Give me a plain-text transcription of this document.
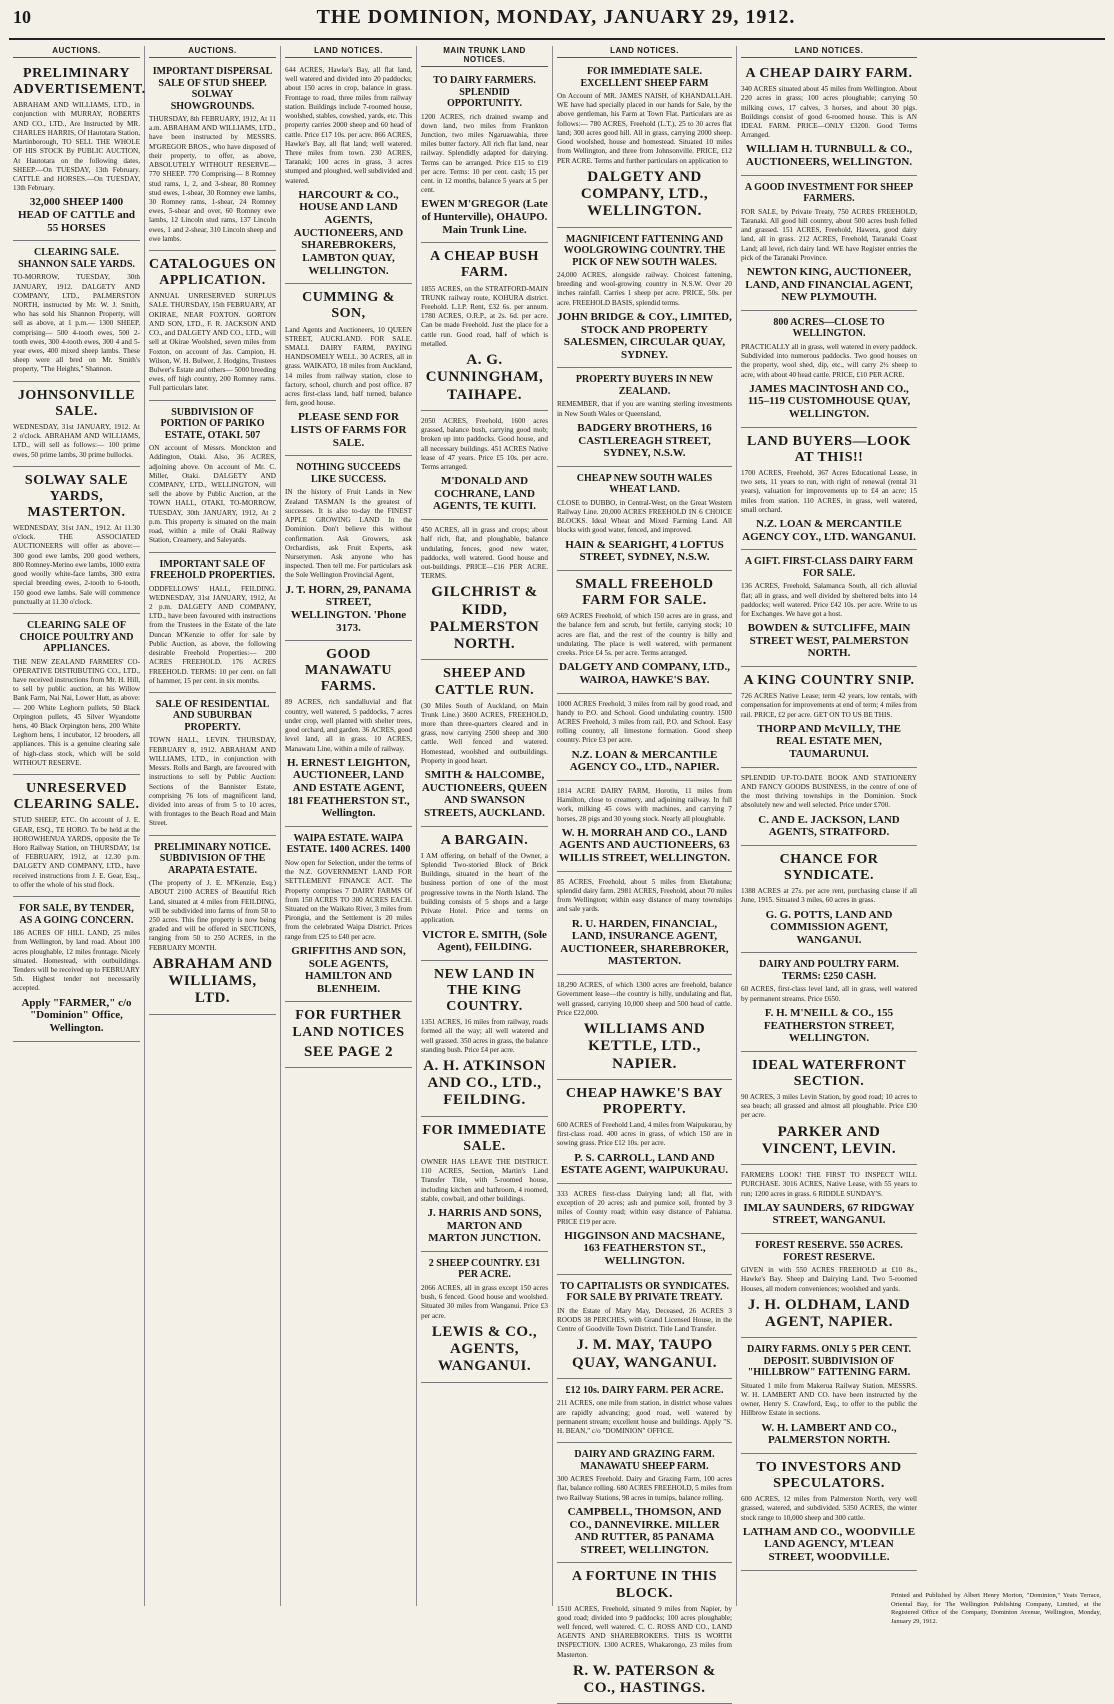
10	THE DOMINION, MONDAY, JANUARY 29, 1912.
AUCTIONS.
PRELIMINARY ADVERTISEMENT.
ABRAHAM AND WILLIAMS, LTD., in conjunction with MURRAY, ROBERTS AND CO., LTD., Are Instructed by MR. CHARLES HARRIS, Of Hautotara Station, Martinborough, TO SELL THE WHOLE OF HIS STOCK By PUBLIC AUCTION, At Hautotara on the following dates, SHEEP.—On TUESDAY, 13th February. CATTLE and HORSES.—On TUESDAY, 13th February.
32,000 SHEEP 1400 HEAD OF CATTLE and 55 HORSES
CLEARING SALE. SHANNON SALE YARDS.
TO-MORROW, TUESDAY, 30th JANUARY, 1912. DALGETY AND COMPANY, LTD., PALMERSTON NORTH, instructed by Mr. W. J. Smith, who has sold his Shannon Property, will sell as above, at 1 p.m.— 1300 SHEEP, comprising— 500 4-tooth ewes, 500 2-tooth ewes, 300 4-tooth ewes, 300 4 and 5-year ewes, 400 mixed sheep lambs. These sheep were all bred on Mr. Smith's property, "The Heights," Shannon.
JOHNSONVILLE SALE.
WEDNESDAY, 31st JANUARY, 1912. At 2 o'clock. ABRAHAM AND WILLIAMS, LTD., will sell as follows:— 100 prime ewes, 50 prime lambs, 30 prime bullocks.
SOLWAY SALE YARDS, MASTERTON.
WEDNESDAY, 31st JAN., 1912. At 11.30 o'clock. THE ASSOCIATED AUCTIONEERS will offer as above:— 300 good ewe lambs, 200 good wethers, 800 Romney-Merino ewe lambs, 1000 extra good woolly white-face lambs, 300 extra special breeding ewes, 2-tooth to 6-tooth, 150 good ewe lambs. Sale will commence punctually at 11.30 o'clock.
CLEARING SALE OF CHOICE POULTRY AND APPLIANCES.
THE NEW ZEALAND FARMERS' CO-OPERATIVE DISTRIBUTING CO., LTD., have received instructions from Mr. H. Hill, to sell by public auction, at his Willow Bank Farm, Nai Nai, Lower Hutt, as above:— 200 White Leghorn pullets, 50 Black Orpington pullets, 45 Silver Wyandotte hens, 40 Black Orpington hens, 200 White Leghorn hens, 1 incubator, 12 brooders, all appliances. This is a genuine clearing sale of high-class stock, which will be sold WITHOUT RESERVE.
UNRESERVED CLEARING SALE.
STUD SHEEP, ETC. On account of J. E. GEAR, ESQ., TE HORO. To be held at the HOROWHENUA YARDS, opposite the Te Horo Railway Station, on THURSDAY, 1st of FEBRUARY, 1912, at 12.30 p.m. DALGETY AND COMPANY, LTD., have received instructions from J. E. Gear, Esq., to offer the whole of his stud flock.
FOR SALE, BY TENDER, AS A GOING CONCERN.
186 ACRES OF HILL LAND, 25 miles from Wellington, by land road. About 100 acres ploughable, 12 miles frontage. Nicely situated. Homestead, with outbuildings. Tenders will be received up to FEBRUARY 5th. Highest tender not necessarily accepted.
Apply "FARMER," c/o "Dominion" Office, Wellington.
AUCTIONS.
IMPORTANT DISPERSAL SALE OF STUD SHEEP. SOLWAY SHOWGROUNDS.
THURSDAY, 8th FEBRUARY, 1912, At 11 a.m. ABRAHAM AND WILLIAMS, LTD., have been instructed by MESSRS. M'GREGOR BROS., who have disposed of their property, to offer, as above, ABSOLUTELY WITHOUT RESERVE— 770 SHEEP. 770 Comprising— 8 Romney stud rams, 1, 2, and 3-shear, 80 Romney stud ewes, 1-shear, 30 Romney ewe lambs, 30 Romney rams, 1-shear, 24 Romney ewes, 5-shear and over, 60 Romney ewe lambs, 12 Lincoln stud rams, 137 Lincoln ewes, 1 and 2-shear, 310 Lincoln sheep and ewe lambs.
CATALOGUES ON APPLICATION.
ANNUAL UNRESERVED SURPLUS SALE. THURSDAY, 15th FEBRUARY, AT OKIRAE, NEAR FOXTON. GORTON AND SON, LTD., F. R. JACKSON AND CO., and DALGETY AND CO., LTD., will sell at Okirae Woolshed, seven miles from Foxton, on account of Jas. Campion, H. Wilson, W. H. Bulwer, J. Hodgins, Trustees Bulwer's Estate and others— 5000 breeding ewes, off high country, 200 Romney rams. Full particulars later.
SUBDIVISION OF PORTION OF PARIKO ESTATE, OTAKI. 507
ON account of Messrs. Monckton and Addington, Otaki. Also, 36 ACRES, adjoining above. On account of Mr. C. Miller, Otaki. DALGETY AND COMPANY, LTD., WELLINGTON, will sell the above by Public Auction, at the TOWN HALL, OTAKI, TO-MORROW, TUESDAY, 30th JANUARY, 1912, At 2 p.m. This property is situated on the main road, within a mile of Otaki Railway Station, Creamery, and Saleyards.
IMPORTANT SALE OF FREEHOLD PROPERTIES.
ODDFELLOWS' HALL, FEILDING. WEDNESDAY, 31st JANUARY, 1912, At 2 p.m. DALGETY AND COMPANY, LTD., have been favoured with instructions from the Trustees in the Estate of the late Duncan M'Kenzie to offer for sale by Public Auction, as above, the following desirable Freehold Properties:— 200 ACRES FREEHOLD. 176 ACRES FREEHOLD. TERMS: 10 per cent. on fall of hammer, 15 per cent. in six months.
SALE OF RESIDENTIAL AND SUBURBAN PROPERTY.
TOWN HALL, LEVIN. THURSDAY, FEBRUARY 8, 1912. ABRAHAM AND WILLIAMS, LTD., in conjunction with Messrs. Rolls and Bargh, are favoured with instructions to sell by Public Auction: Sections of the Bannister Estate, comprising 76 lots of magnificent land, divided into areas of from 5 to 10 acres, with frontages to the Beach Road and Main Street.
PRELIMINARY NOTICE. SUBDIVISION OF THE ARAPATA ESTATE.
(The property of J. E. M'Kenzie, Esq.) ABOUT 2100 ACRES of Beautiful Rich Land, situated at 4 miles from FEILDING, will be subdivided into farms of from 50 to 250 acres. This fine property is now being graded and will be offered in SECTIONS, ranging from 50 to 250 ACRES, in the FEBRUARY MONTH.
ABRAHAM AND WILLIAMS, LTD.
LAND NOTICES.
644 ACRES, Hawke's Bay, all flat land, well watered and divided into 20 paddocks; about 150 acres in crop, balance in grass. Frontage to road, three miles from railway station. Buildings include 7-roomed house, woolshed, stables, cowshed, yards, etc. This property carries 2000 sheep and 60 head of cattle. Price £17 10s. per acre. 866 ACRES, Hawke's Bay, all flat land; well watered. Three miles from town. 230 ACRES, Taranaki; 100 acres in grass, 3 acres stumped and ploughed, well subdivided and watered.
HARCOURT & CO., HOUSE AND LAND AGENTS, AUCTIONEERS, AND SHAREBROKERS, LAMBTON QUAY, WELLINGTON.
CUMMING & SON,
Land Agents and Auctioneers, 10 QUEEN STREET, AUCKLAND. FOR SALE. SMALL DAIRY FARM, PAYING HANDSOMELY WELL. 30 ACRES, all in grass. WAIKATO, 18 miles from Auckland, 14 miles from railway station, close to factory, school, church and post office. 87 acres first-class land, half turned, balance fern, good house.
PLEASE SEND FOR LISTS OF FARMS FOR SALE.
NOTHING SUCCEEDS LIKE SUCCESS.
IN the history of Fruit Lands in New Zealand TASMAN Is the greatest of successes. It is also to-day the FINEST APPLE GROWING LAND In the Dominion. Don't believe this without confirmation. Ask Growers, ask Orchardists, ask Fruit Experts, ask Nurserymen. Ask anyone who has inspected. Then tell me. For particulars ask the Sole Wellington Provincial Agent,
J. T. HORN, 29, PANAMA STREET, WELLINGTON. 'Phone 3173.
GOOD MANAWATU FARMS.
89 ACRES, rich sandalluvial and flat country, well watered, 5 paddocks, 7 acres under crop, well planted with shelter trees, good orchard, and garden. 36 ACRES, good level land, all in grass. 10 ACRES, Manawatu Line, within a mile of railway.
H. ERNEST LEIGHTON, AUCTIONEER, LAND AND ESTATE AGENT, 181 FEATHERSTON ST., Wellington.
WAIPA ESTATE. WAIPA ESTATE. 1400 ACRES. 1400
Now open for Selection, under the terms of the N.Z. GOVERNMENT LAND FOR SETTLEMENT FINANCE ACT. The Property comprises 7 DAIRY FARMS Of from 150 ACRES TO 300 ACRES EACH. Situated on the Waikato River, 3 miles from Pirongia, and the Settlement is 20 miles from the celebrated Waipa District. Prices range from £25 to £40 per acre.
GRIFFITHS AND SON, SOLE AGENTS, HAMILTON AND BLENHEIM.
FOR FURTHER LAND NOTICES
SEE PAGE 2
MAIN TRUNK LAND NOTICES.
TO DAIRY FARMERS. SPLENDID OPPORTUNITY.
1200 ACRES, rich drained swamp and down land, two miles from Frankton Junction, two miles Ngaruawahia, three miles butter factory. All rich flat land, near railway. Splendidly adapted for dairying. Terms can be arranged. Price £15 to £19 per acre. Terms: 10 per cent. cash; 15 per cent. in 12 months, balance 5 years at 5 per cent.
EWEN M'GREGOR (Late of Hunterville), OHAUPO. Main Trunk Line.
A CHEAP BUSH FARM.
1855 ACRES, on the STRATFORD-MAIN TRUNK railway route, KOHURA district. Freehold. L.I.P. Rent, £32 6s. per annum. 1780 ACRES, O.R.P., at 2s. 6d. per acre. Can be made Freehold. Just the place for a cattle run. Good road, half of which is metalled.
A. G. CUNNINGHAM, TAIHAPE.
2050 ACRES, Freehold, 1600 acres grassed, balance bush, carrying good mob; broken up into paddocks. Good house, and all necessary buildings. 451 ACRES Native lease of 47 years. Price £5 10s. per acre. Terms arranged.
M'DONALD AND COCHRANE, LAND AGENTS, TE KUITI.
450 ACRES, all in grass and crops; about half rich, flat, and ploughable, balance undulating, fences, good new water, paddocks, well watered. Good house and out-buildings. PRICE—£16 PER ACRE. TERMS.
GILCHRIST & KIDD, PALMERSTON NORTH.
SHEEP AND CATTLE RUN.
(30 Miles South of Auckland, on Main Trunk Line.) 3600 ACRES, FREEHOLD, more than three-quarters cleared and in grass, now carrying 2500 sheep and 300 cattle. Well fenced and watered. Homestead, woolshed and outbuildings. Property in good heart.
SMITH & HALCOMBE, AUCTIONEERS, QUEEN AND SWANSON STREETS, AUCKLAND.
A BARGAIN.
I AM offering, on behalf of the Owner, a Splendid Two-storied Block of Brick Buildings, situated in the heart of the business portion of one of the most progressive towns in the North Island. The building consists of 5 shops and a large Private Hotel. Price and terms on application.
VICTOR E. SMITH, (Sole Agent), FEILDING.
NEW LAND IN THE KING COUNTRY.
1351 ACRES, 16 miles from railway, roads formed all the way; all well watered and well grassed. 350 acres in grass, the balance standing bush. Price £4 per acre.
A. H. ATKINSON AND CO., LTD., FEILDING.
FOR IMMEDIATE SALE.
OWNER HAS LEAVE THE DISTRICT. 110 ACRES, Section, Martin's Land Transfer Title, with 5-roomed house, including kitchen and bathroom, 4 roomed, stable, cowbail, and other buildings.
J. HARRIS AND SONS, MARTON AND MARTON JUNCTION.
2 SHEEP COUNTRY. £31 PER ACRE.
2066 ACRES, all in grass except 150 acres bush, 6 fenced. Good house and woolshed. Situated 30 miles from Wanganui. Price £3 per acre.
LEWIS & CO., AGENTS, WANGANUI.
LAND NOTICES.
FOR IMMEDIATE SALE. EXCELLENT SHEEP FARM
On Account of MR. JAMES NAISH, of KHANDALLAH. WE have had specially placed in our hands for Sale, by the above gentleman, his Farm at Town Flat. Particulars are as follows:— 780 ACRES, Freehold (L.T.), 25 to 30 acres flat land; 300 acres good hill. All in grass, carrying 2000 sheep. Good woolshed, house and homestead. Situated 10 miles from Wellington, and three from Johnsonville. PRICE, £12 PER ACRE. Terms and further particulars on application to
DALGETY AND COMPANY, LTD., WELLINGTON.
MAGNIFICENT FATTENING AND WOOLGROWING COUNTRY. THE PICK OF NEW SOUTH WALES.
24,000 ACRES, alongside railway. Choicest fattening, breeding and wool-growing country in N.S.W. Over 20 inches rainfall. Carries 1 sheep per acre. PRICE, 50s. per acre. FREEHOLD BASIS, splendid terms.
JOHN BRIDGE & COY., LIMITED, STOCK AND PROPERTY SALESMEN, CIRCULAR QUAY, SYDNEY.
PROPERTY BUYERS IN NEW ZEALAND.
REMEMBER, that if you are wanting sterling investments in New South Wales or Queensland,
BADGERY BROTHERS, 16 CASTLEREAGH STREET, SYDNEY, N.S.W.
CHEAP NEW SOUTH WALES WHEAT LAND.
CLOSE to DUBBO, in Central-West, on the Great Western Railway Line. 20,000 ACRES FREEHOLD IN 6 CHOICE BLOCKS. Ideal Wheat and Mixed Farming Land. All blocks with good water, fenced, and improved.
HAIN & SEARIGHT, 4 LOFTUS STREET, SYDNEY, N.S.W.
SMALL FREEHOLD FARM FOR SALE.
669 ACRES Freehold, of which 150 acres are in grass, and the balance fern and scrub, but fertile, carrying stock; 10 acres are flat, and the rest of the country is hilly and undulating. The place is well watered, with permanent creeks. Price £4 5s. per acre. Terms arranged.
DALGETY AND COMPANY, LTD., WAIROA, HAWKE'S BAY.
1000 ACRES Freehold, 3 miles from rail by good road, and handy to P.O. and School. Good undulating country. 1500 ACRES Freehold, 3 miles from rail, P.O. and School. Easy rolling country, all limestone formation. Good sheep country. Price £3 per acre.
N.Z. LOAN & MERCANTILE AGENCY CO., LTD., NAPIER.
1814 ACRE DAIRY FARM, Horotiu, 11 miles from Hamilton, close to creamery, and adjoining railway. In full work, milking 45 cows with machines, and carrying 7 horses, 28 pigs and 30 young stock. Nearly all ploughable.
W. H. MORRAH AND CO., LAND AGENTS AND AUCTIONEERS, 63 WILLIS STREET, WELLINGTON.
85 ACRES, Freehold, about 5 miles from Eketahuna; splendid dairy farm. 2981 ACRES, Freehold, about 70 miles from Wellington; within easy distance of many townships and sale yards.
R. U. HARDEN, FINANCIAL, LAND, INSURANCE AGENT, AUCTIONEER, SHAREBROKER, MASTERTON.
18,290 ACRES, of which 1300 acres are freehold, balance Government lease—the country is hilly, undulating and flat, well grassed, carrying 10,000 sheep and 500 head of cattle. Price £22,000.
WILLIAMS AND KETTLE, LTD., NAPIER.
CHEAP HAWKE'S BAY PROPERTY.
600 ACRES of Freehold Land, 4 miles from Waipukurau, by first-class road. 400 acres in grass, of which 150 are in sowing grass. Price £12 10s. per acre.
P. S. CARROLL, LAND AND ESTATE AGENT, WAIPUKURAU.
333 ACRES first-class Dairying land; all flat, with exception of 20 acres; ash and pumice soil, fronted by 3 miles of County road; within easy distance of Pahiatua. PRICE £19 per acre.
HIGGINSON AND MACSHANE, 163 FEATHERSTON ST., WELLINGTON.
TO CAPITALISTS OR SYNDICATES. FOR SALE BY PRIVATE TREATY.
IN the Estate of Mary May, Deceased, 26 ACRES 3 ROODS 38 PERCHES, with Grand Licensed House, in the Centre of Goodville Town District. Title Land Transfer.
J. M. MAY, TAUPO QUAY, WANGANUI.
£12 10s. DAIRY FARM. PER ACRE.
211 ACRES, one mile from station, in district whose values are rapidly advancing; good road, well watered by permanent stream; excellent house and buildings. Apply "S. H. BEAN," c/o "DOMINION" OFFICE.
DAIRY AND GRAZING FARM. MANAWATU SHEEP FARM.
300 ACRES Freehold. Dairy and Grazing Farm, 100 acres flat, balance rolling. 680 ACRES FREEHOLD, 5 miles from two Railway Stations, 98 acres in turnips, balance rolling.
CAMPBELL, THOMSON, AND CO., DANNEVIRKE. MILLER AND RUTTER, 85 PANAMA STREET, WELLINGTON.
A FORTUNE IN THIS BLOCK.
1510 ACRES, Freehold, situated 9 miles from Napier, by good road; divided into 9 paddocks; 100 acres ploughable; well fenced, well watered. C. C. ROSS AND CO., LAND AGENTS AND SHAREBROKERS. THIS IS WORTH INSPECTION. 1300 ACRES, Whakarongo, 23 miles from Masterton.
R. W. PATERSON & CO., HASTINGS.
LAND NOTICES.
A CHEAP DAIRY FARM.
340 ACRES situated about 45 miles from Wellington. About 220 acres in grass; 100 acres ploughable; carrying 50 milking cows, 17 calves, 3 horses, and about 30 pigs. Buildings consist of good 6-roomed house. This is AN IDEAL FARM. PRICE—ONLY £3200. Good Terms Arranged.
WILLIAM H. TURNBULL & CO., AUCTIONEERS, WELLINGTON.
A GOOD INVESTMENT FOR SHEEP FARMERS.
FOR SALE, by Private Treaty, 750 ACRES FREEHOLD, Taranaki. All good hill country, about 500 acres bush felled and grassed. 151 ACRES, Freehold, Hawera, good dairy land, all in grass. 212 ACRES, Freehold, Taranaki Coast Land; all level, rich dairy land. WE have Register entries the pick of the Taranaki Province.
NEWTON KING, AUCTIONEER, LAND, AND FINANCIAL AGENT, NEW PLYMOUTH.
800 ACRES—CLOSE TO WELLINGTON.
PRACTICALLY all in grass, well watered in every paddock. Subdivided into numerous paddocks. Two good houses on the property, wool shed, dip, etc., will carry 2½ sheep to acre, with about 40 head cattle. PRICE, £10 PER ACRE.
JAMES MACINTOSH AND CO., 115–119 CUSTOMHOUSE QUAY, WELLINGTON.
LAND BUYERS—LOOK AT THIS!!
1700 ACRES, Freehold, 367 Acres Educational Lease, in two sets, 11 years to run, with right of renewal (rental 31 years), valuation for improvements up to £4 an acre; 15 miles from station. 110 ACRES, in grass, well watered, small orchard.
N.Z. LOAN & MERCANTILE AGENCY COY., LTD. WANGANUI.
A GIFT. FIRST-CLASS DAIRY FARM FOR SALE.
136 ACRES, Freehold, Salamanca South, all rich alluvial flat; all in grass, and well divided by sheltered belts into 14 paddocks; well watered. Price £42 10s. per acre. Write to us for Exchanges. We have got a host.
BOWDEN & SUTCLIFFE, MAIN STREET WEST, PALMERSTON NORTH.
A KING COUNTRY SNIP.
726 ACRES Native Lease; term 42 years, low rentals, with compensation for improvements at end of term; 4 miles from rail. PRICE, £2 per acre. GET ON TO US BE THIS.
THORP AND McVILLY, THE REAL ESTATE MEN, TAUMARUNUI.
SPLENDID UP-TO-DATE BOOK AND STATIONERY AND FANCY GOODS BUSINESS, in the centre of one of the most thriving townships in the Dominion. Stock absolutely new and well selected. Price under £700.
C. AND E. JACKSON, LAND AGENTS, STRATFORD.
CHANCE FOR SYNDICATE.
1388 ACRES at 27s. per acre rent, purchasing clause if all June, 1915. Situated 3 miles, 60 acres in grass.
G. G. POTTS, LAND AND COMMISSION AGENT, WANGANUI.
DAIRY AND POULTRY FARM. TERMS: £250 CASH.
60 ACRES, first-class level land, all in grass, well watered by permanent streams. Price £650.
F. H. M'NEILL & CO., 155 FEATHERSTON STREET, WELLINGTON.
IDEAL WATERFRONT SECTION.
90 ACRES, 3 miles Levin Station, by good road; 10 acres to sea beach; all grassed and almost all ploughable. Price £30 per acre.
PARKER AND VINCENT, LEVIN.
FARMERS LOOK! THE FIRST TO INSPECT WILL PURCHASE. 3016 ACRES, Native Lease, with 55 years to run; 1200 acres in grass. 6 RIDDLE SUNDAY'S.
IMLAY SAUNDERS, 67 RIDGWAY STREET, WANGANUI.
FOREST RESERVE. 550 ACRES. FOREST RESERVE.
GIVEN in with 550 ACRES FREEHOLD at £10 8s., Hawke's Bay. Sheep and Dairying Land. Two 5-roomed Houses, all modern conveniences; woolshed and yards.
J. H. OLDHAM, LAND AGENT, NAPIER.
DAIRY FARMS. ONLY 5 PER CENT. DEPOSIT. SUBDIVISION OF "HILLBROW" FATTENING FARM.
Situated 1 mile from Makerua Railway Station. MESSRS. W. H. LAMBERT AND CO. have been instructed by the owner, Henry S. Crawford, Esq., to offer to the public the Hillbrow Estate in sections.
W. H. LAMBERT AND CO., PALMERSTON NORTH.
TO INVESTORS AND SPECULATORS.
600 ACRES, 12 miles from Palmerston North, very well grassed, watered, and subdivided. 5350 ACRES, the winter stock range to 10,000 sheep and 300 cattle.
LATHAM AND CO., WOODVILLE LAND AGENCY, M'LEAN STREET, WOODVILLE.
Printed and Published by Albert Henry Morton, "Dominion," Yeats Terrace, Oriental Bay, for The Wellington Publishing Company, Limited, at the Registered Office of the Company, Dominion Avenue, Wellington, Monday, January 29, 1912.
